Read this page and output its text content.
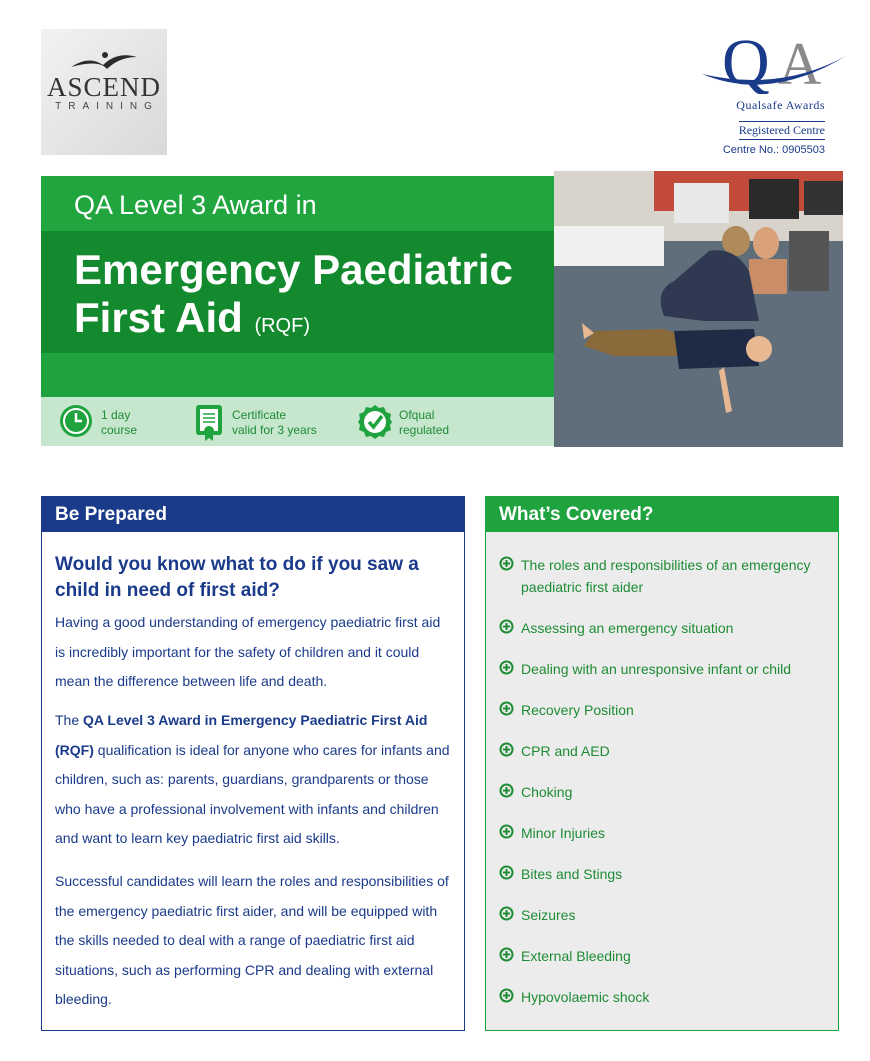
ASCEND
TRAINING
Q A
Qualsafe Awards
Registered Centre
Centre No.: 0905503
QA Level 3 Award in
Emergency Paediatric
First Aid (RQF)
1 day
course
Certificate
valid for 3 years
Ofqual
regulated
Be Prepared
Would you know what to do if you saw a child in need of first aid?
Having a good understanding of emergency paediatric first aid is incredibly important for the safety of children and it could mean the difference between life and death.
The QA Level 3 Award in Emergency Paediatric First Aid (RQF) qualification is ideal for anyone who cares for infants and children, such as: parents, guardians, grandparents or those who have a professional involvement with infants and children and want to learn key paediatric first aid skills.
Successful candidates will learn the roles and responsibilities of the emergency paediatric first aider, and will be equipped with the skills needed to deal with a range of paediatric first aid situations, such as performing CPR and dealing with external bleeding.
What’s Covered?
The roles and responsibilities of an emergency paediatric first aider
Assessing an emergency situation
Dealing with an unresponsive infant or child
Recovery Position
CPR and AED
Choking
Minor Injuries
Bites and Stings
Seizures
External Bleeding
Hypovolaemic shock
